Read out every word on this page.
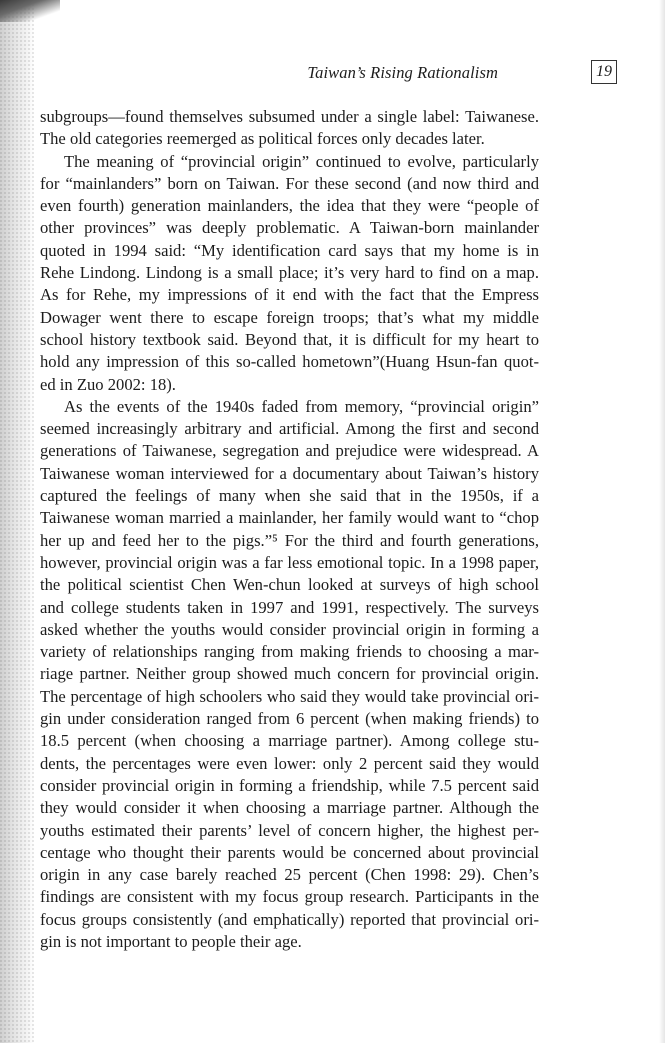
Taiwan’s Rising Rationalism	19
subgroups—found themselves subsumed under a single label: Taiwanese.
The old categories reemerged as political forces only decades later.
The meaning of “provincial origin” continued to evolve, particularly
for “mainlanders” born on Taiwan. For these second (and now third and
even fourth) generation mainlanders, the idea that they were “people of
other provinces” was deeply problematic. A Taiwan-born mainlander
quoted in 1994 said: “My identification card says that my home is in
Rehe Lindong. Lindong is a small place; it’s very hard to find on a map.
As for Rehe, my impressions of it end with the fact that the Empress
Dowager went there to escape foreign troops; that’s what my middle
school history textbook said. Beyond that, it is difficult for my heart to
hold any impression of this so-called hometown”(Huang Hsun-fan quot-
ed in Zuo 2002: 18).
As the events of the 1940s faded from memory, “provincial origin”
seemed increasingly arbitrary and artificial. Among the first and second
generations of Taiwanese, segregation and prejudice were widespread. A
Taiwanese woman interviewed for a documentary about Taiwan’s history
captured the feelings of many when she said that in the 1950s, if a
Taiwanese woman married a mainlander, her family would want to “chop
her up and feed her to the pigs.”⁵ For the third and fourth generations,
however, provincial origin was a far less emotional topic. In a 1998 paper,
the political scientist Chen Wen-chun looked at surveys of high school
and college students taken in 1997 and 1991, respectively. The surveys
asked whether the youths would consider provincial origin in forming a
variety of relationships ranging from making friends to choosing a mar-
riage partner. Neither group showed much concern for provincial origin.
The percentage of high schoolers who said they would take provincial ori-
gin under consideration ranged from 6 percent (when making friends) to
18.5 percent (when choosing a marriage partner). Among college stu-
dents, the percentages were even lower: only 2 percent said they would
consider provincial origin in forming a friendship, while 7.5 percent said
they would consider it when choosing a marriage partner. Although the
youths estimated their parents’ level of concern higher, the highest per-
centage who thought their parents would be concerned about provincial
origin in any case barely reached 25 percent (Chen 1998: 29). Chen’s
findings are consistent with my focus group research. Participants in the
focus groups consistently (and emphatically) reported that provincial ori-
gin is not important to people their age.
